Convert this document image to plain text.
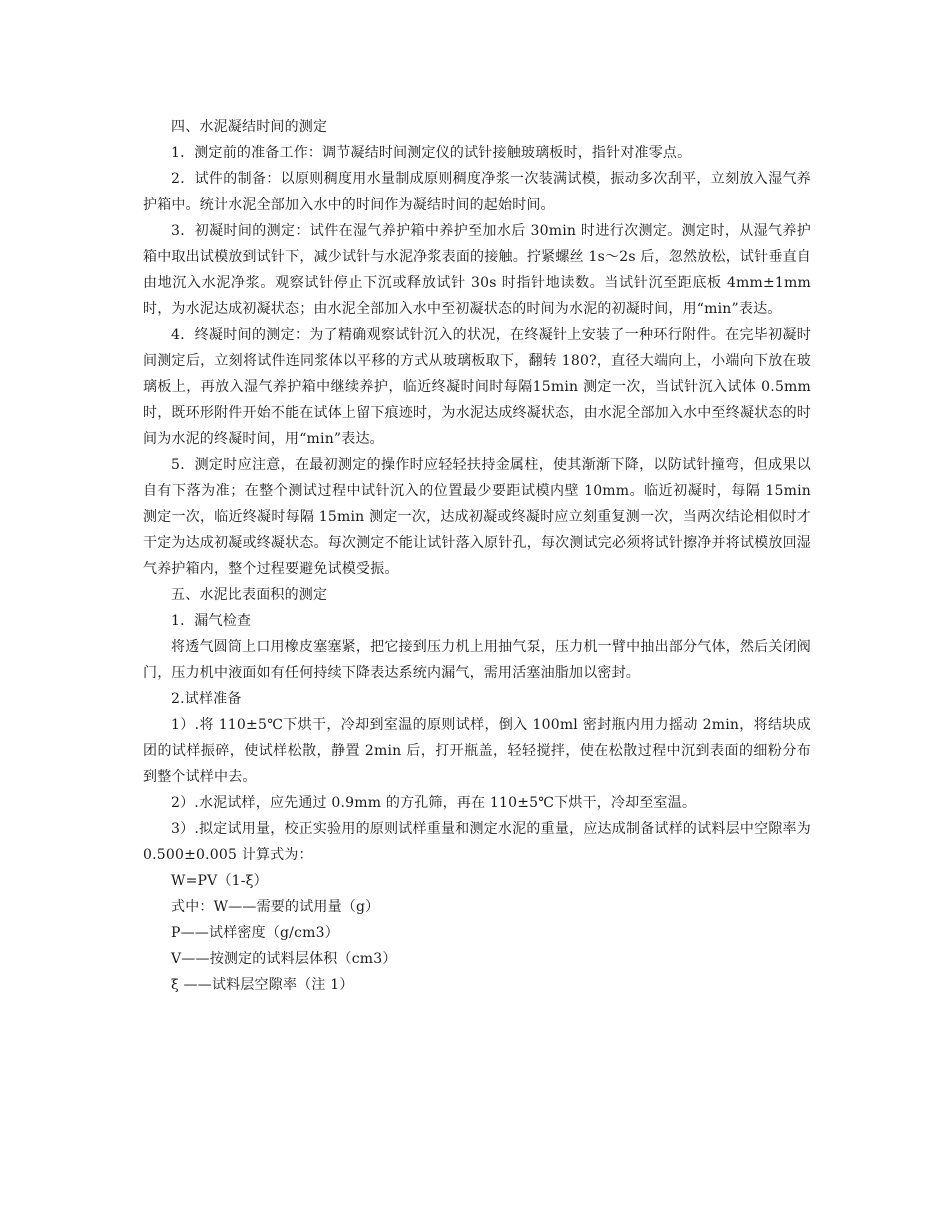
四、水泥凝结时间的测定

1．测定前的准备工作：调节凝结时间测定仪的试针接触玻璃板时，指针对准零点。

2．试件的制备：以原则稠度用水量制成原则稠度净浆一次装满试模，振动多次刮平，立刻放入湿气养护箱中。统计水泥全部加入水中的时间作为凝结时间的起始时间。

3．初凝时间的测定：试件在湿气养护箱中养护至加水后 30min 时进行次测定。测定时，从湿气养护箱中取出试模放到试针下，减少试针与水泥净浆表面的接触。拧紧螺丝 1s～2s 后，忽然放松，试针垂直自由地沉入水泥净浆。观察试针停止下沉或释放试针 30s 时指针地读数。当试针沉至距底板 4mm±1mm 时，为水泥达成初凝状态；由水泥全部加入水中至初凝状态的时间为水泥的初凝时间，用“min”表达。

4．终凝时间的测定：为了精确观察试针沉入的状况，在终凝针上安装了一种环行附件。在完毕初凝时间测定后，立刻将试件连同浆体以平移的方式从玻璃板取下，翻转 180?，直径大端向上，小端向下放在玻璃板上，再放入湿气养护箱中继续养护，临近终凝时间时每隔15min 测定一次，当试针沉入试体 0.5mm 时，既环形附件开始不能在试体上留下痕迹时，为水泥达成终凝状态，由水泥全部加入水中至终凝状态的时间为水泥的终凝时间，用“min”表达。

5．测定时应注意，在最初测定的操作时应轻轻扶持金属柱，使其渐渐下降，以防试针撞弯，但成果以自有下落为准；在整个测试过程中试针沉入的位置最少要距试模内壁 10mm。临近初凝时，每隔 15min 测定一次，临近终凝时每隔 15min 测定一次，达成初凝或终凝时应立刻重复测一次，当两次结论相似时才干定为达成初凝或终凝状态。每次测定不能让试针落入原针孔，每次测试完必须将试针擦净并将试模放回湿气养护箱内，整个过程要避免试模受振。

五、水泥比表面积的测定

1．漏气检查

将透气圆筒上口用橡皮塞塞紧，把它接到压力机上用抽气泵，压力机一臂中抽出部分气体，然后关闭阀门，压力机中液面如有任何持续下降表达系统内漏气，需用活塞油脂加以密封。

2.试样准备

1）.将 110±5℃下烘干，冷却到室温的原则试样，倒入 100ml 密封瓶内用力摇动 2min，将结块成团的试样振碎，使试样松散，静置 2min 后，打开瓶盖，轻轻搅拌，使在松散过程中沉到表面的细粉分布到整个试样中去。

2）.水泥试样，应先通过 0.9mm 的方孔筛，再在 110±5℃下烘干，冷却至室温。

3）.拟定试用量，校正实验用的原则试样重量和测定水泥的重量，应达成制备试样的试料层中空隙率为 0.500±0.005 计算式为：

W=PV（1-ξ）

式中：W——需要的试用量（g）

P——试样密度（g/cm3）

V——按测定的试料层体积（cm3）

ξ ——试料层空隙率（注 1）
